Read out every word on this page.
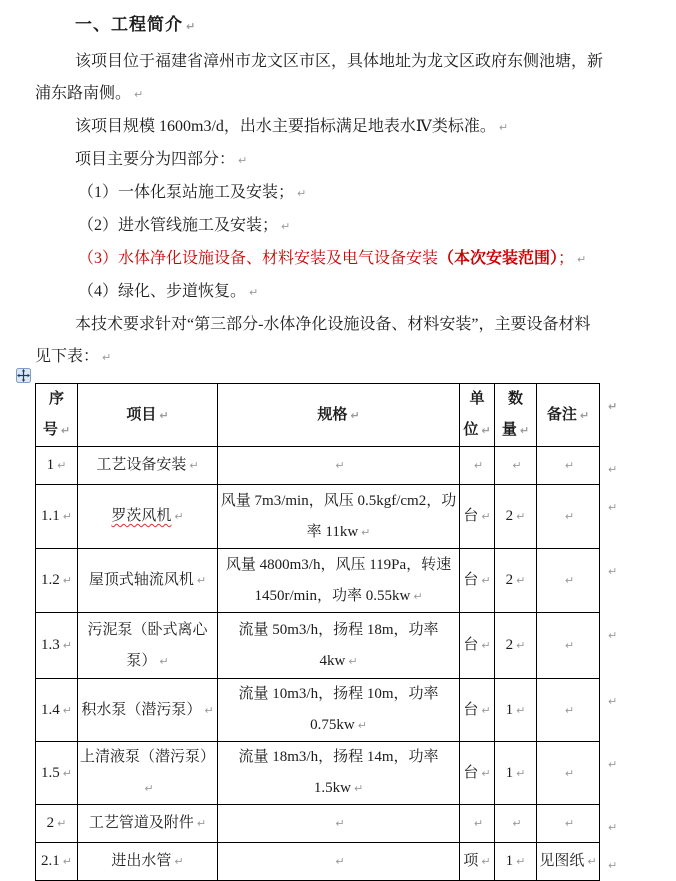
一、工程简介 ↵

该项目位于福建省漳州市龙文区市区，具体地址为龙文区政府东侧池塘，新
浦东路南侧。 ↵

该项目规模 1600m3/d，出水主要指标满足地表水Ⅳ类标准。 ↵

项目主要分为四部分： ↵

（1）一体化泵站施工及安装； ↵
（2）进水管线施工及安装； ↵
（3）水体净化设施设备、材料安装及电气设备安装（本次安装范围）； ↵
（4）绿化、步道恢复。 ↵

本技术要求针对“第三部分-水体净化设施设备、材料安装”，主要设备材料
见下表： ↵

序
号 ↵	项目 ↵	规格 ↵	单
位 ↵	数
量 ↵	备注 ↵	↵
1 ↵	工艺设备安装 ↵	↵	↵	↵	↵	↵
1.1 ↵	罗茨风机 ↵	风量 7m3/min，风压 0.5kgf/cm2，功率 11kw ↵	台 ↵	2 ↵	↵	↵
1.2 ↵	屋顶式轴流风机 ↵	风量 4800m3/h，风压 119Pa，转速 1450r/min，功率 0.55kw ↵	台 ↵	2 ↵	↵	↵
1.3 ↵	污泥泵（卧式离心泵） ↵	流量 50m3/h，扬程 18m，功率 4kw ↵	台 ↵	2 ↵	↵	↵
1.4 ↵	积水泵（潜污泵） ↵	流量 10m3/h，扬程 10m，功率 0.75kw ↵	台 ↵	1 ↵	↵	↵
1.5 ↵	上清液泵（潜污泵）↵	流量 18m3/h，扬程 14m，功率 1.5kw ↵	台 ↵	1 ↵	↵	↵
2 ↵	工艺管道及附件 ↵	↵	↵	↵	↵	↵
2.1 ↵	进出水管 ↵	↵	项 ↵	1 ↵	见图纸 ↵	↵
